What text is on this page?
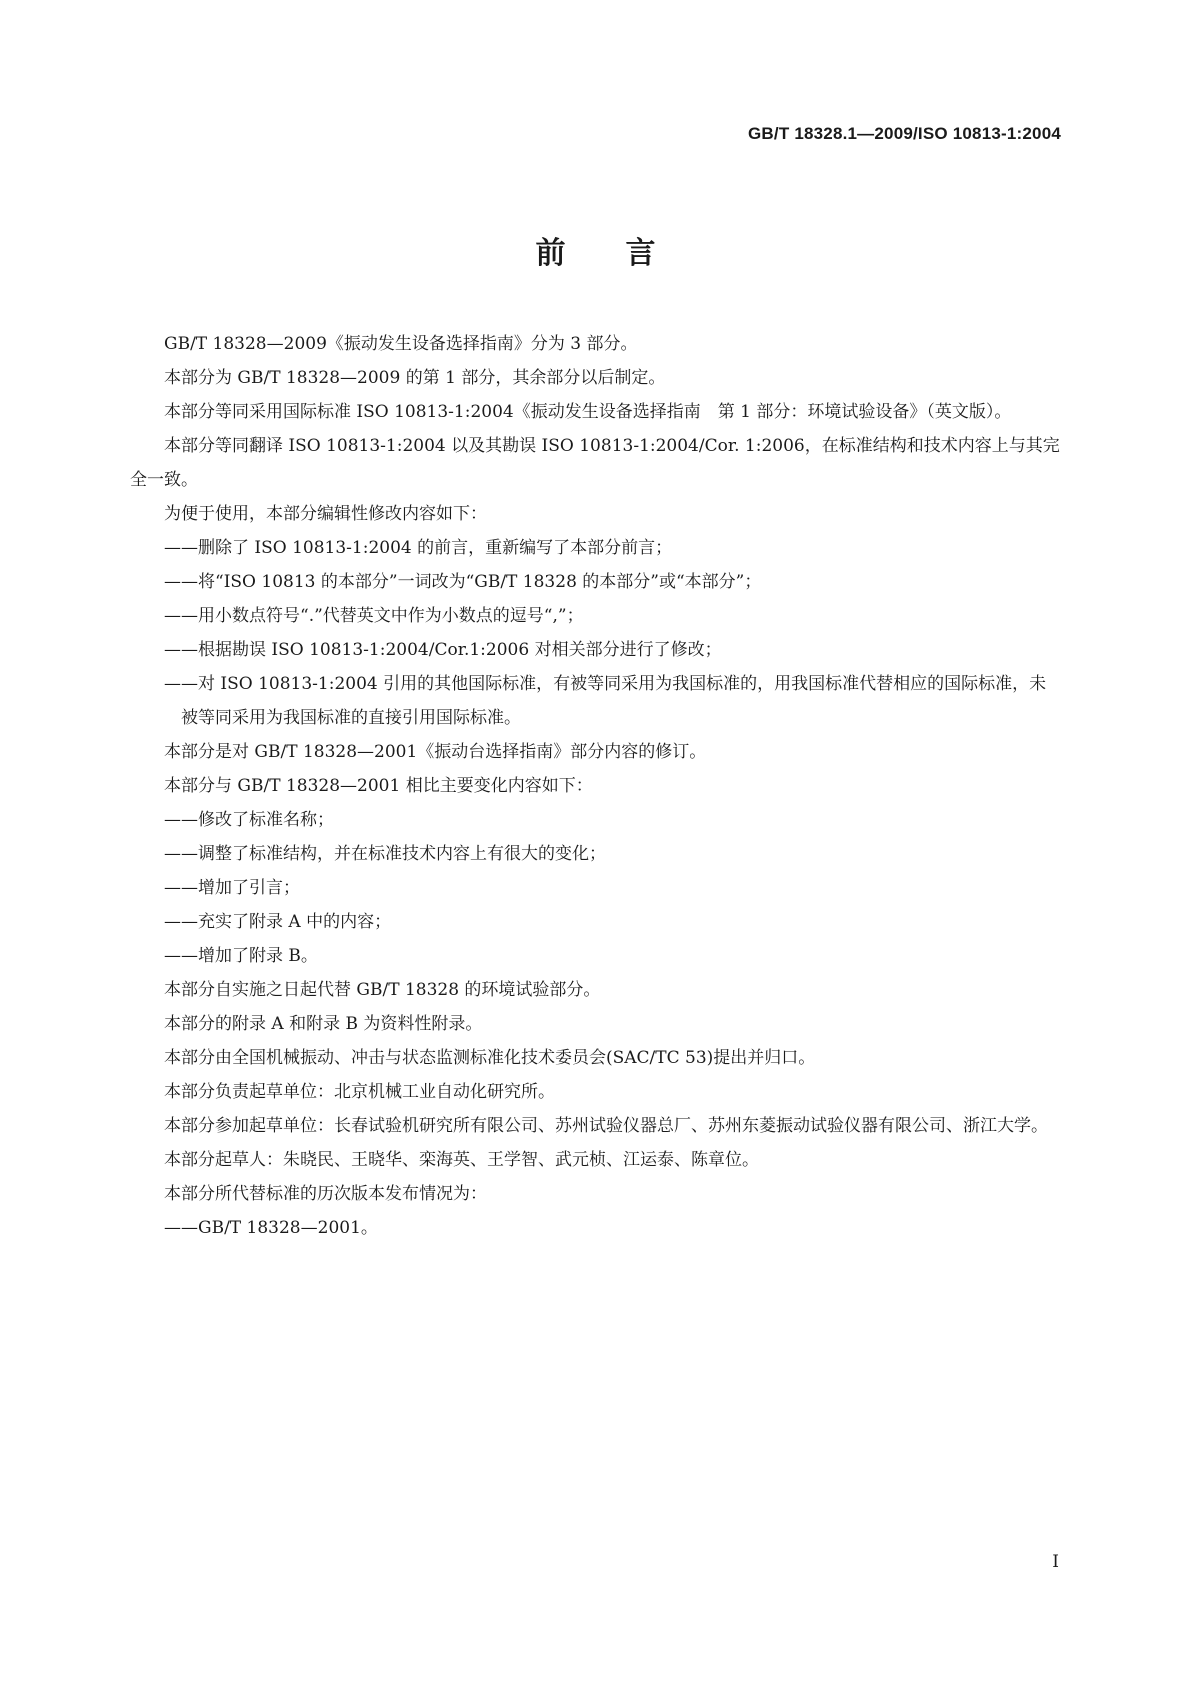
GB/T 18328.1—2009/ISO 10813-1:2004
前言

GB/T 18328—2009《振动发生设备选择指南》分为 3 部分。

本部分为 GB/T 18328—2009 的第 1 部分，其余部分以后制定。

本部分等同采用国际标准 ISO 10813-1:2004《振动发生设备选择指南　第 1 部分：环境试验设备》（英文版）。

本部分等同翻译 ISO 10813-1:2004 以及其勘误 ISO 10813-1:2004/Cor. 1:2006，在标准结构和技术内容上与其完全一致。

为便于使用，本部分编辑性修改内容如下：

——删除了 ISO 10813-1:2004 的前言，重新编写了本部分前言；

——将“ISO 10813 的本部分”一词改为“GB/T 18328 的本部分”或“本部分”；

——用小数点符号“.”代替英文中作为小数点的逗号“,”；

——根据勘误 ISO 10813-1:2004/Cor.1:2006 对相关部分进行了修改；

——对 ISO 10813-1:2004 引用的其他国际标准，有被等同采用为我国标准的，用我国标准代替相应的国际标准，未被等同采用为我国标准的直接引用国际标准。

本部分是对 GB/T 18328—2001《振动台选择指南》部分内容的修订。

本部分与 GB/T 18328—2001 相比主要变化内容如下：

——修改了标准名称；

——调整了标准结构，并在标准技术内容上有很大的变化；

——增加了引言；

——充实了附录 A 中的内容；

——增加了附录 B。

本部分自实施之日起代替 GB/T 18328 的环境试验部分。

本部分的附录 A 和附录 B 为资料性附录。

本部分由全国机械振动、冲击与状态监测标准化技术委员会(SAC/TC 53)提出并归口。

本部分负责起草单位：北京机械工业自动化研究所。

本部分参加起草单位：长春试验机研究所有限公司、苏州试验仪器总厂、苏州东菱振动试验仪器有限公司、浙江大学。

本部分起草人：朱晓民、王晓华、栾海英、王学智、武元桢、江运泰、陈章位。

本部分所代替标准的历次版本发布情况为：

——GB/T 18328—2001。

I
